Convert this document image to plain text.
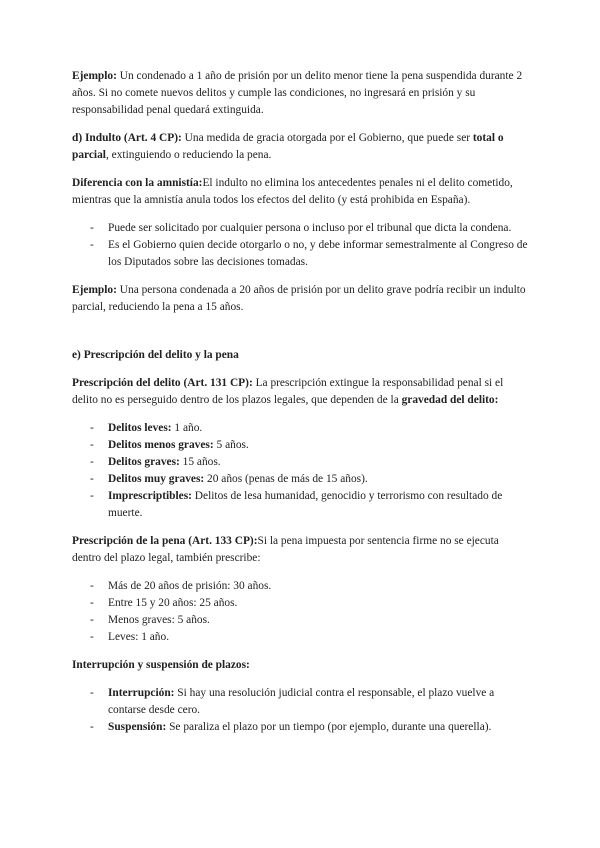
Ejemplo: Un condenado a 1 año de prisión por un delito menor tiene la pena suspendida durante 2 años. Si no comete nuevos delitos y cumple las condiciones, no ingresará en prisión y su responsabilidad penal quedará extinguida.

d) Indulto (Art. 4 CP): Una medida de gracia otorgada por el Gobierno, que puede ser total o parcial, extinguiendo o reduciendo la pena.

Diferencia con la amnistía:El indulto no elimina los antecedentes penales ni el delito cometido, mientras que la amnistía anula todos los efectos del delito (y está prohibida en España).

- Puede ser solicitado por cualquier persona o incluso por el tribunal que dicta la condena.
- Es el Gobierno quien decide otorgarlo o no, y debe informar semestralmente al Congreso de los Diputados sobre las decisiones tomadas.

Ejemplo: Una persona condenada a 20 años de prisión por un delito grave podría recibir un indulto parcial, reduciendo la pena a 15 años.

e) Prescripción del delito y la pena

Prescripción del delito (Art. 131 CP): La prescripción extingue la responsabilidad penal si el delito no es perseguido dentro de los plazos legales, que dependen de la gravedad del delito:

- Delitos leves: 1 año.
- Delitos menos graves: 5 años.
- Delitos graves: 15 años.
- Delitos muy graves: 20 años (penas de más de 15 años).
- Imprescriptibles: Delitos de lesa humanidad, genocidio y terrorismo con resultado de muerte.

Prescripción de la pena (Art. 133 CP):Si la pena impuesta por sentencia firme no se ejecuta dentro del plazo legal, también prescribe:

- Más de 20 años de prisión: 30 años.
- Entre 15 y 20 años: 25 años.
- Menos graves: 5 años.
- Leves: 1 año.

Interrupción y suspensión de plazos:

- Interrupción: Si hay una resolución judicial contra el responsable, el plazo vuelve a contarse desde cero.
- Suspensión: Se paraliza el plazo por un tiempo (por ejemplo, durante una querella).
